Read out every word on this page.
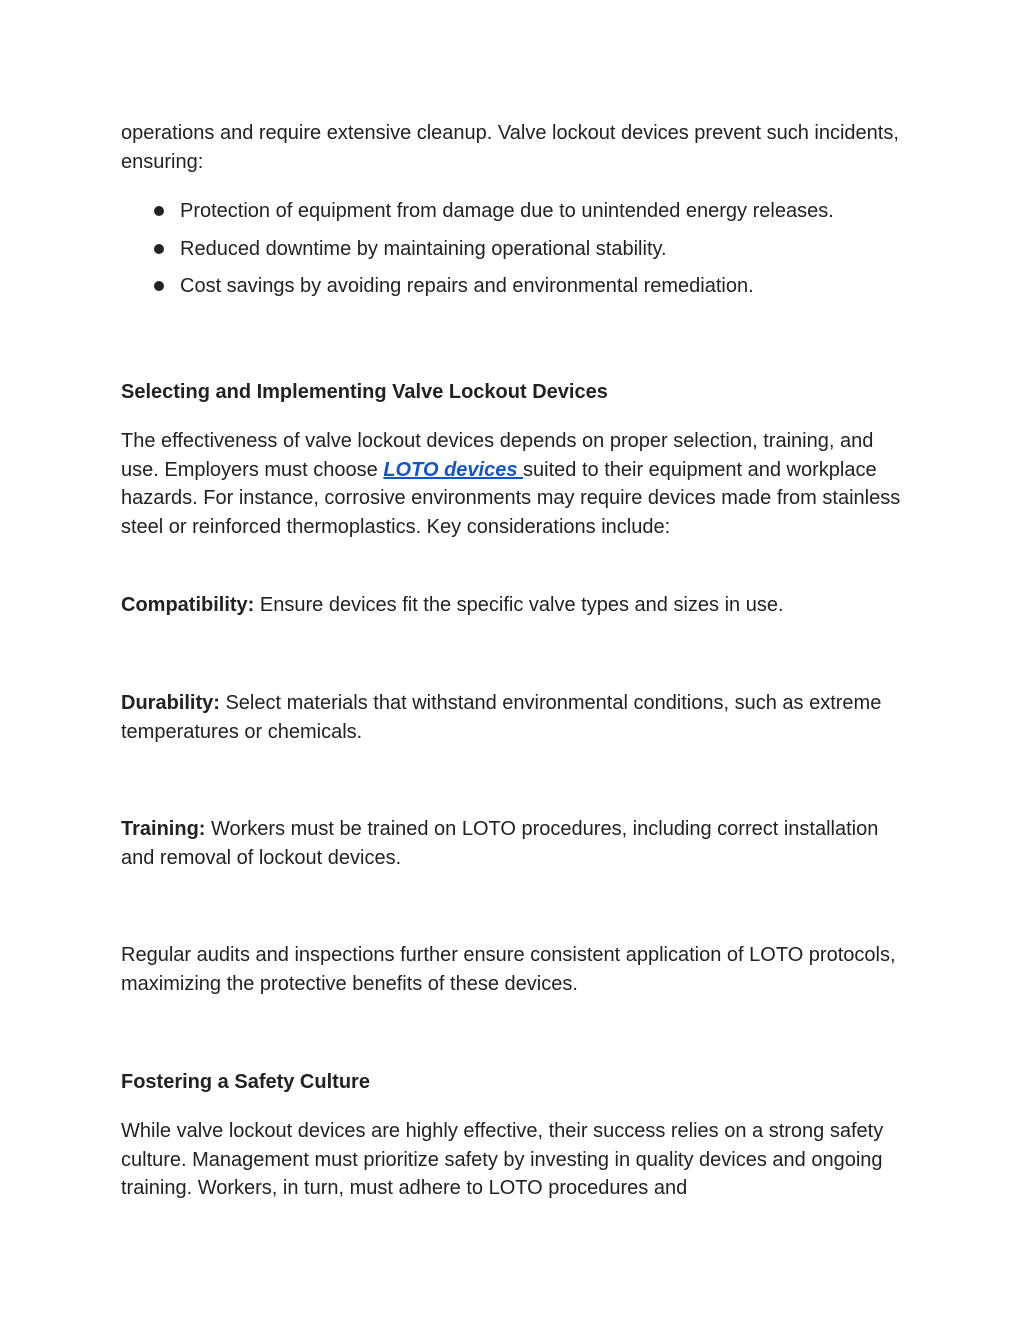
operations and require extensive cleanup. Valve lockout devices prevent such incidents, ensuring:

Protection of equipment from damage due to unintended energy releases.
Reduced downtime by maintaining operational stability.
Cost savings by avoiding repairs and environmental remediation.
Selecting and Implementing Valve Lockout Devices

The effectiveness of valve lockout devices depends on proper selection, training, and use. Employers must choose LOTO devices suited to their equipment and workplace hazards. For instance, corrosive environments may require devices made from stainless steel or reinforced thermoplastics. Key considerations include:

Compatibility: Ensure devices fit the specific valve types and sizes in use.

Durability: Select materials that withstand environmental conditions, such as extreme temperatures or chemicals.

Training: Workers must be trained on LOTO procedures, including correct installation and removal of lockout devices.

Regular audits and inspections further ensure consistent application of LOTO protocols, maximizing the protective benefits of these devices.

Fostering a Safety Culture

While valve lockout devices are highly effective, their success relies on a strong safety culture. Management must prioritize safety by investing in quality devices and ongoing training. Workers, in turn, must adhere to LOTO procedures and
